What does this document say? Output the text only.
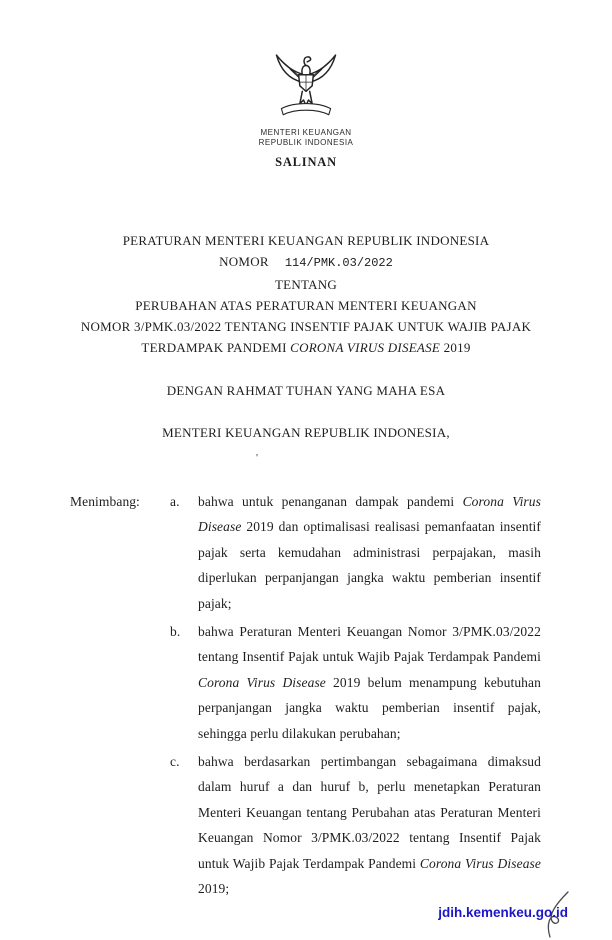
MENTERI KEUANGAN
REPUBLIK INDONESIA
SALINAN
PERATURAN MENTERI KEUANGAN REPUBLIK INDONESIA
NOMOR 114/PMK.03/2022
TENTANG
PERUBAHAN ATAS PERATURAN MENTERI KEUANGAN
NOMOR 3/PMK.03/2022 TENTANG INSENTIF PAJAK UNTUK WAJIB PAJAK
TERDAMPAK PANDEMI CORONA VIRUS DISEASE 2019
DENGAN RAHMAT TUHAN YANG MAHA ESA
MENTERI KEUANGAN REPUBLIK INDONESIA,
Menimbang :	a.	bahwa untuk penanganan dampak pandemi Corona Virus Disease 2019 dan optimalisasi realisasi pemanfaatan insentif pajak serta kemudahan administrasi perpajakan, masih diperlukan perpanjangan jangka waktu pemberian insentif pajak;
b.	bahwa Peraturan Menteri Keuangan Nomor 3/PMK.03/2022 tentang Insentif Pajak untuk Wajib Pajak Terdampak Pandemi Corona Virus Disease 2019 belum menampung kebutuhan perpanjangan jangka waktu pemberian insentif pajak, sehingga perlu dilakukan perubahan;
c.	bahwa berdasarkan pertimbangan sebagaimana dimaksud dalam huruf a dan huruf b, perlu menetapkan Peraturan Menteri Keuangan tentang Perubahan atas Peraturan Menteri Keuangan Nomor 3/PMK.03/2022 tentang Insentif Pajak untuk Wajib Pajak Terdampak Pandemi Corona Virus Disease 2019;
'
jdih.kemenkeu.go.id
